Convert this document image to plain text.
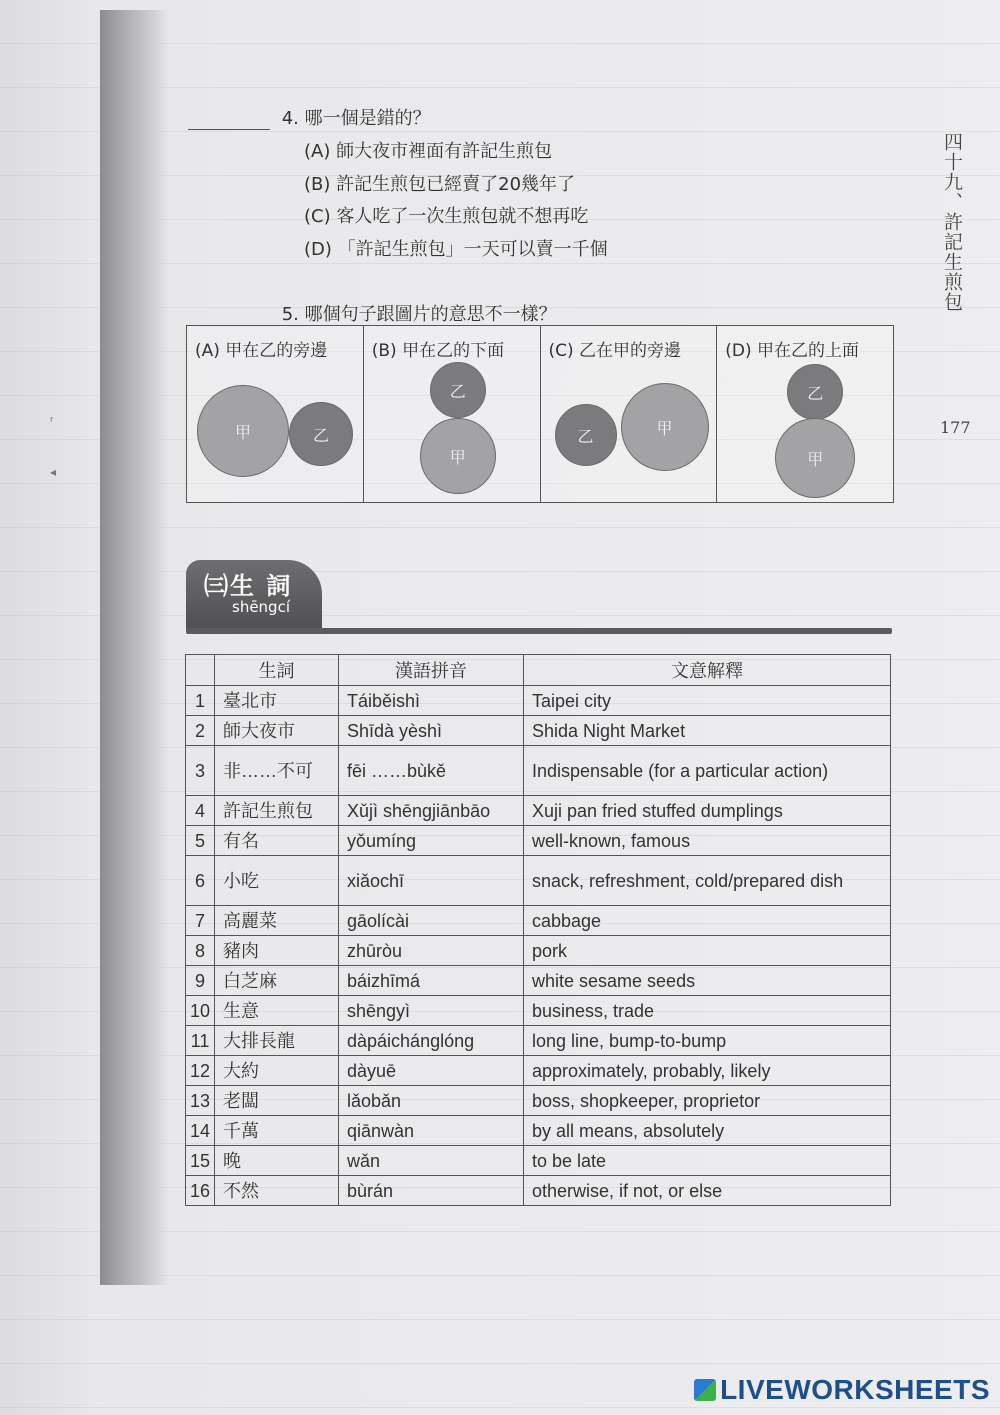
ᶠ
◂
四十九、許記生煎包
177
4. 哪一個是錯的？
(A) 師大夜市裡面有許記生煎包
(B) 許記生煎包已經賣了20幾年了
(C) 客人吃了一次生煎包就不想再吃
(D) 「許記生煎包」一天可以賣一千個
5. 哪個句子跟圖片的意思不一樣？
(A) 甲在乙的旁邊
甲	乙
(B) 甲在乙的下面
乙
甲
(C) 乙在甲的旁邊
乙	甲
(D) 甲在乙的上面
乙
甲
㈢生 詞
shēngcí
	生詞	漢語拼音	文意解釋
1	臺北市	Táiběishì	Taipei city
2	師大夜市	Shīdà yèshì	Shida Night Market
3	非……不可	fēi ……bùkě	Indispensable (for a particular action)
4	許記生煎包	Xǔjì shēngjiānbāo	Xuji pan fried stuffed dumplings
5	有名	yǒumíng	well-known, famous
6	小吃	xiǎochī	snack, refreshment, cold/prepared dish
7	高麗菜	gāolícài	cabbage
8	豬肉	zhūròu	pork
9	白芝麻	báizhīmá	white sesame seeds
10	生意	shēngyì	business, trade
11	大排長龍	dàpáichánglóng	long line, bump-to-bump
12	大約	dàyuē	approximately, probably, likely
13	老闆	lǎobǎn	boss, shopkeeper, proprietor
14	千萬	qiānwàn	by all means, absolutely
15	晚	wǎn	to be late
16	不然	bùrán	otherwise, if not, or else
LIVEWORKSHEETS
